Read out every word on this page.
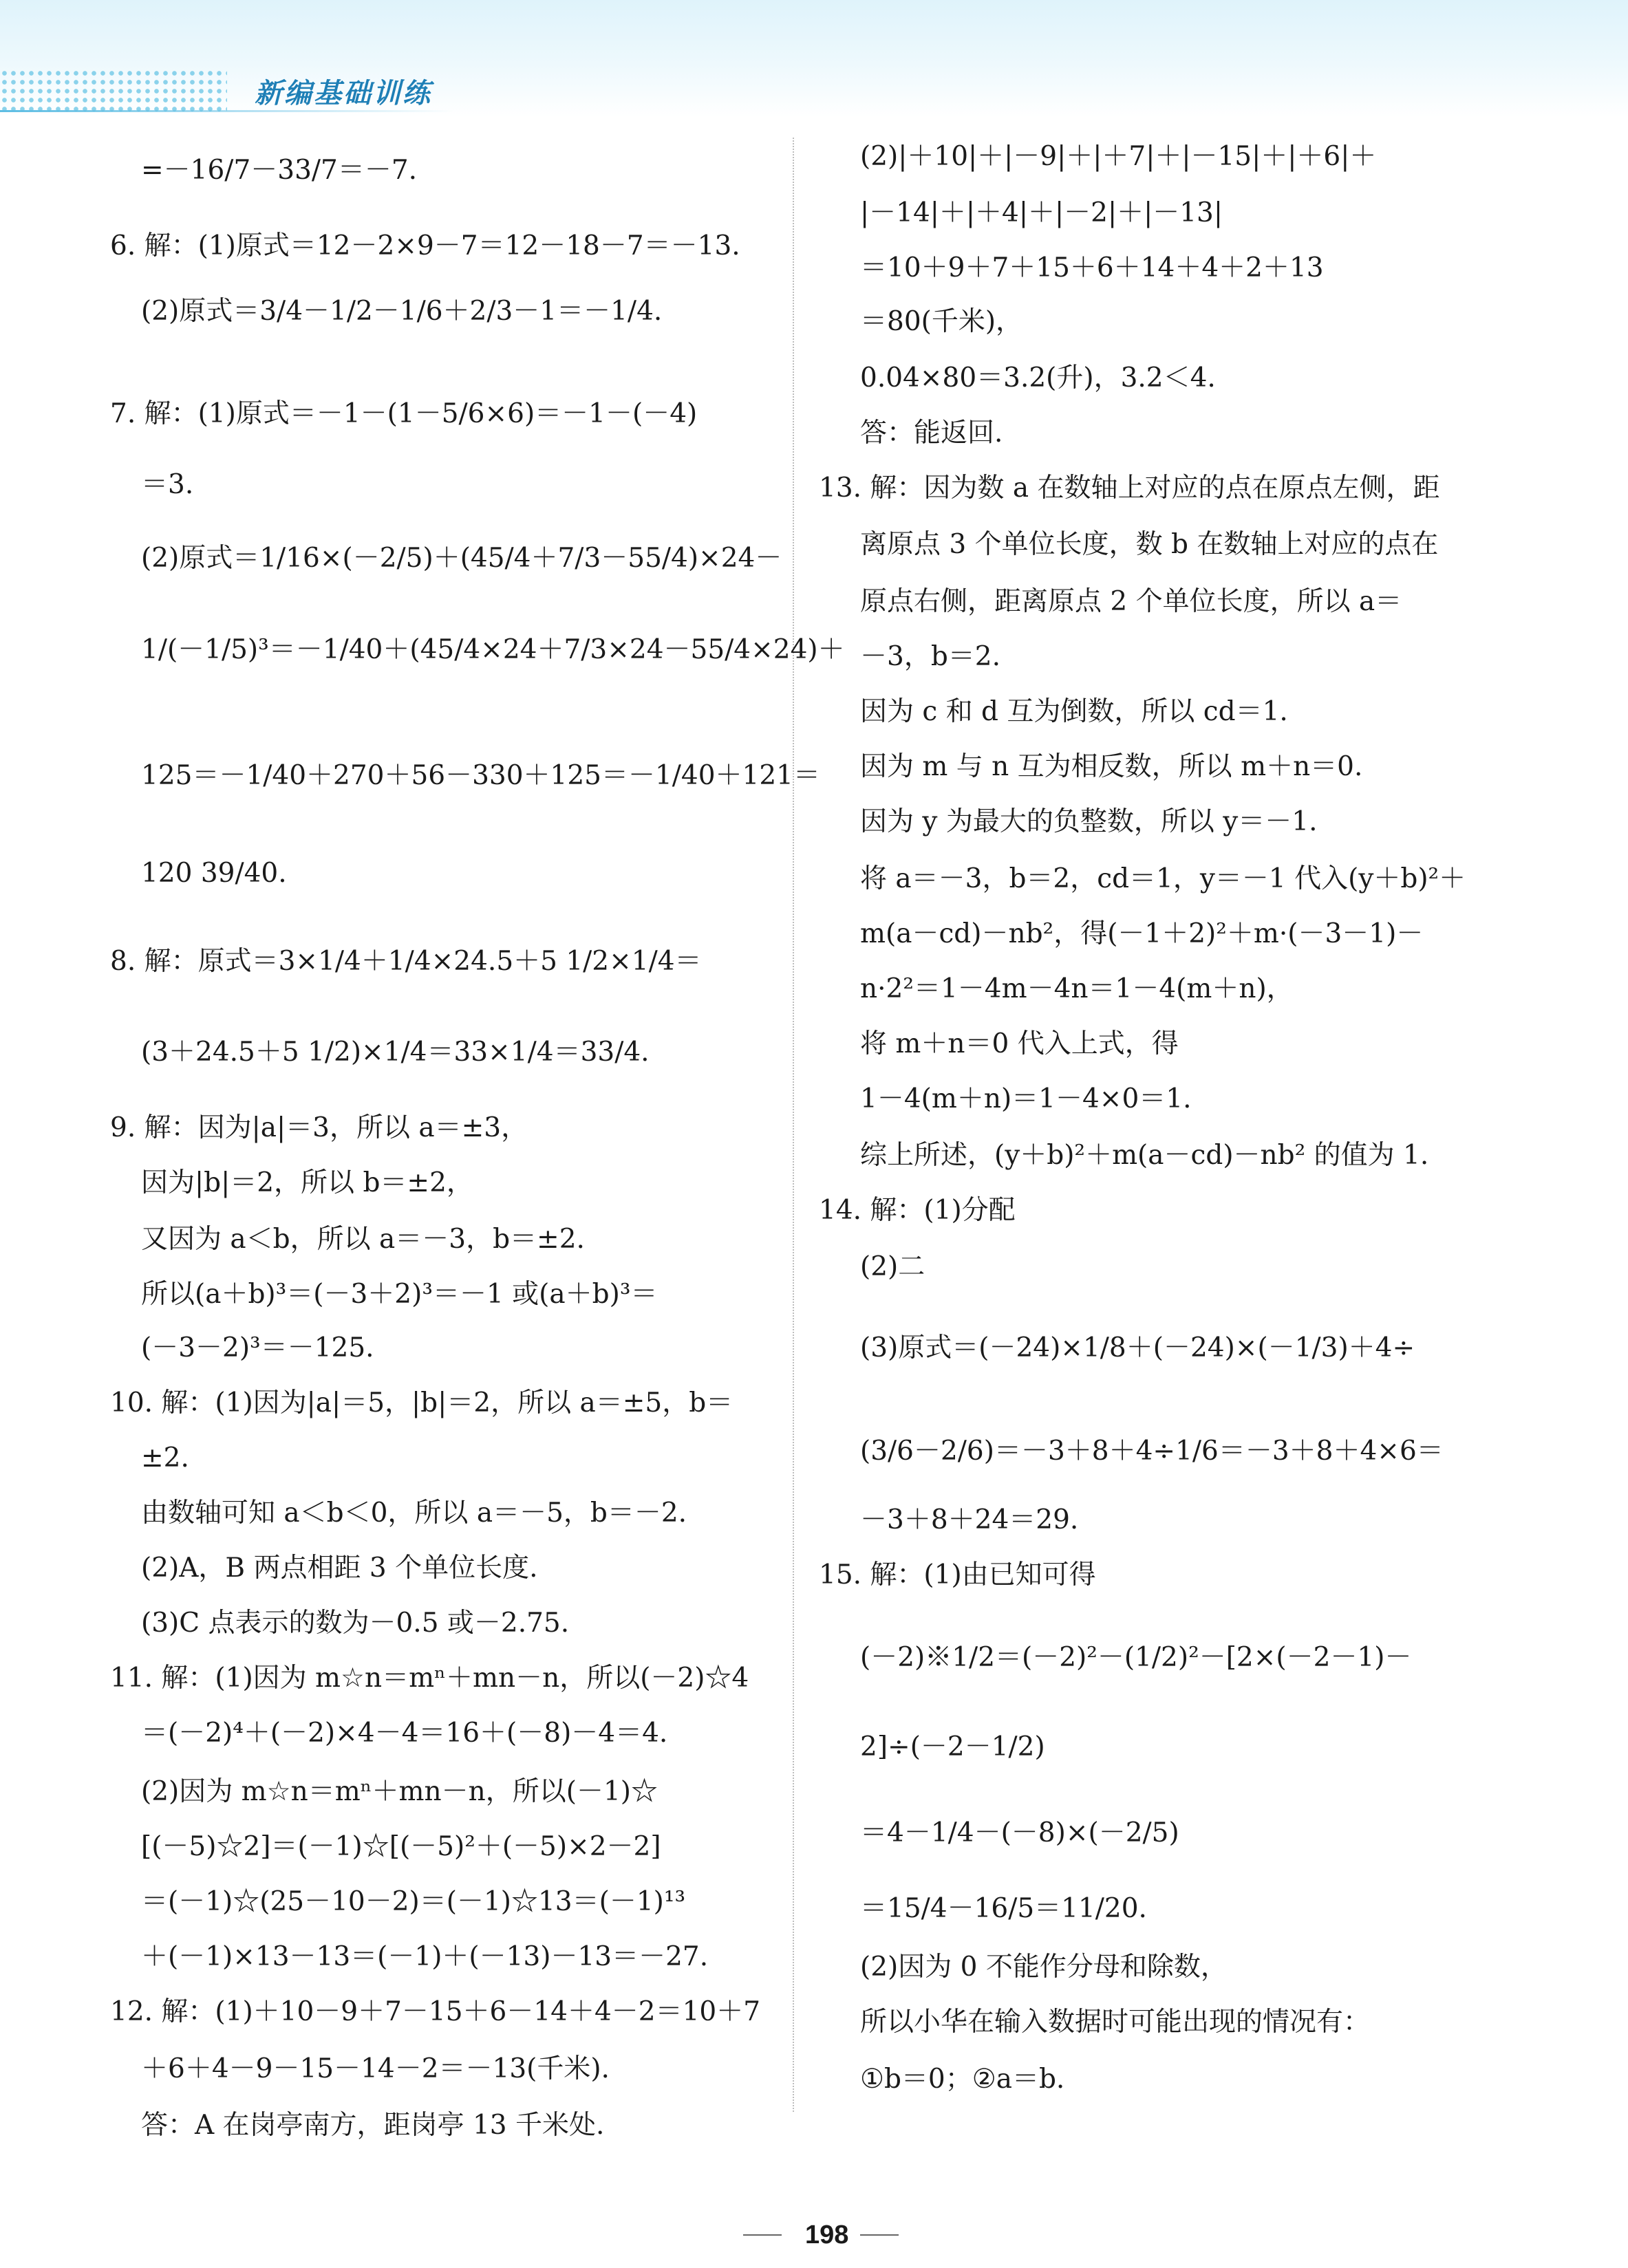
新编基础训练
=－16/7－33/7＝－7.
6. 解：(1)原式＝12－2×9－7＝12－18－7＝－13.
(2)原式＝3/4－1/2－1/6＋2/3－1＝－1/4.
7. 解：(1)原式＝－1－(1－5/6×6)＝－1－(－4)
＝3.
(2)原式＝1/16×(－2/5)＋(45/4＋7/3－55/4)×24－
1/(－1/5)³＝－1/40＋(45/4×24＋7/3×24－55/4×24)＋
125＝－1/40＋270＋56－330＋125＝－1/40＋121＝
120 39/40.
8. 解：原式＝3×1/4＋1/4×24.5＋5 1/2×1/4＝
(3＋24.5＋5 1/2)×1/4＝33×1/4＝33/4.
9. 解：因为|a|＝3，所以 a＝±3，
因为|b|＝2，所以 b＝±2，
又因为 a＜b，所以 a＝－3，b＝±2.
所以(a＋b)³＝(－3＋2)³＝－1 或(a＋b)³＝
(－3－2)³＝－125.
10. 解：(1)因为|a|＝5，|b|＝2，所以 a＝±5，b＝
±2.
由数轴可知 a＜b＜0，所以 a＝－5，b＝－2.
(2)A，B 两点相距 3 个单位长度.
(3)C 点表示的数为－0.5 或－2.75.
11. 解：(1)因为 m☆n＝mⁿ＋mn－n，所以(－2)☆4
＝(－2)⁴＋(－2)×4－4＝16＋(－8)－4＝4.
(2)因为 m☆n＝mⁿ＋mn－n，所以(－1)☆
[(－5)☆2]＝(－1)☆[(－5)²＋(－5)×2－2]
＝(－1)☆(25－10－2)＝(－1)☆13＝(－1)¹³
＋(－1)×13－13＝(－1)＋(－13)－13＝－27.
12. 解：(1)＋10－9＋7－15＋6－14＋4－2＝10＋7
＋6＋4－9－15－14－2＝－13(千米).
答：A 在岗亭南方，距岗亭 13 千米处.
(2)|＋10|＋|－9|＋|＋7|＋|－15|＋|＋6|＋
|－14|＋|＋4|＋|－2|＋|－13|
＝10＋9＋7＋15＋6＋14＋4＋2＋13
＝80(千米)，
0.04×80＝3.2(升)，3.2＜4.
答：能返回.
13. 解：因为数 a 在数轴上对应的点在原点左侧，距
离原点 3 个单位长度，数 b 在数轴上对应的点在
原点右侧，距离原点 2 个单位长度，所以 a＝
－3，b＝2.
因为 c 和 d 互为倒数，所以 cd＝1.
因为 m 与 n 互为相反数，所以 m＋n＝0.
因为 y 为最大的负整数，所以 y＝－1.
将 a＝－3，b＝2，cd＝1，y＝－1 代入(y＋b)²＋
m(a－cd)－nb²，得(－1＋2)²＋m·(－3－1)－
n·2²＝1－4m－4n＝1－4(m＋n)，
将 m＋n＝0 代入上式，得
1－4(m＋n)＝1－4×0＝1.
综上所述，(y＋b)²＋m(a－cd)－nb² 的值为 1.
14. 解：(1)分配
(2)二
(3)原式＝(－24)×1/8＋(－24)×(－1/3)＋4÷
(3/6－2/6)＝－3＋8＋4÷1/6＝－3＋8＋4×6＝
－3＋8＋24＝29.
15. 解：(1)由已知可得
(－2)※1/2＝(－2)²－(1/2)²－[2×(－2－1)－
2]÷(－2－1/2)
＝4－1/4－(－8)×(－2/5)
＝15/4－16/5＝11/20.
(2)因为 0 不能作分母和除数，
所以小华在输入数据时可能出现的情况有：
①b＝0；②a＝b.
198
